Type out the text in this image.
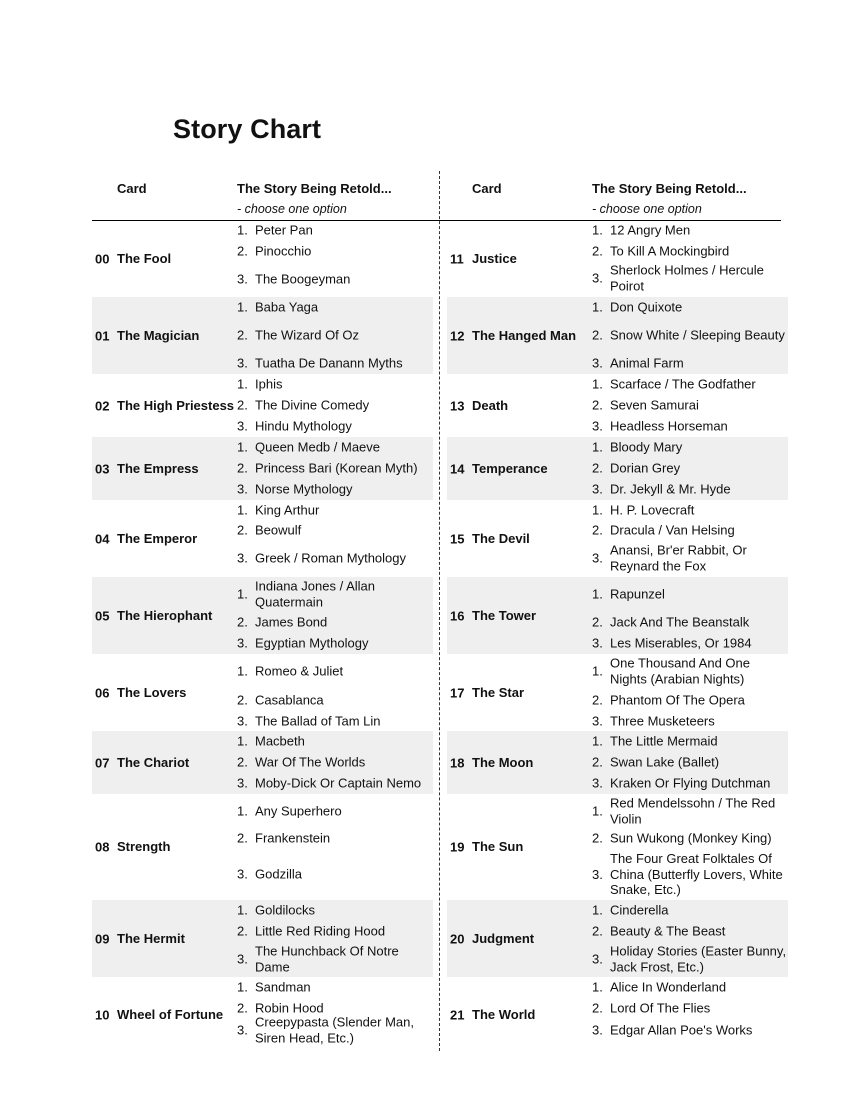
Story Chart
Card	The Story Being Retold...
- choose one option
Card	The Story Being Retold...
- choose one option
00 The Fool
1. Peter Pan
2. Pinocchio
3. The Boogeyman
01 The Magician
1. Baba Yaga
2. The Wizard Of Oz
3. Tuatha De Danann Myths
02 The High Priestess
1. Iphis
2. The Divine Comedy
3. Hindu Mythology
03 The Empress
1. Queen Medb / Maeve
2. Princess Bari (Korean Myth)
3. Norse Mythology
04 The Emperor
1. King Arthur
2. Beowulf
3. Greek / Roman Mythology
05 The Hierophant
1.
Indiana Jones / Allan Quatermain
2. James Bond
3. Egyptian Mythology
06 The Lovers
1. Romeo & Juliet
2. Casablanca
3. The Ballad of Tam Lin
07 The Chariot
1. Macbeth
2. War Of The Worlds
3. Moby-Dick Or Captain Nemo
08 Strength
1. Any Superhero
2. Frankenstein
3. Godzilla
09 The Hermit
1. Goldilocks
2. Little Red Riding Hood
3.
The Hunchback Of Notre Dame
10 Wheel of Fortune
1. Sandman
2. Robin Hood
3.
Creepypasta (Slender Man, Siren Head, Etc.)
11 Justice
1. 12 Angry Men
2. To Kill A Mockingbird
3.
Sherlock Holmes / Hercule Poirot
12 The Hanged Man
1. Don Quixote
2. Snow White / Sleeping Beauty
3. Animal Farm
13 Death
1. Scarface / The Godfather
2. Seven Samurai
3. Headless Horseman
14 Temperance
1. Bloody Mary
2. Dorian Grey
3. Dr. Jekyll & Mr. Hyde
15 The Devil
1. H. P. Lovecraft
2. Dracula / Van Helsing
3.
Anansi, Br'er Rabbit, Or Reynard the Fox
16 The Tower
1. Rapunzel
2. Jack And The Beanstalk
3. Les Miserables, Or 1984
17 The Star
1.
One Thousand And One Nights (Arabian Nights)
2. Phantom Of The Opera
3. Three Musketeers
18 The Moon
1. The Little Mermaid
2. Swan Lake (Ballet)
3. Kraken Or Flying Dutchman
19 The Sun
1.
Red Mendelssohn / The Red Violin
2. Sun Wukong (Monkey King)
3.
The Four Great Folktales Of China (Butterfly Lovers, White Snake, Etc.)
20 Judgment
1. Cinderella
2. Beauty & The Beast
3.
Holiday Stories (Easter Bunny, Jack Frost, Etc.)
21 The World
1. Alice In Wonderland
2. Lord Of The Flies
3. Edgar Allan Poe's Works
